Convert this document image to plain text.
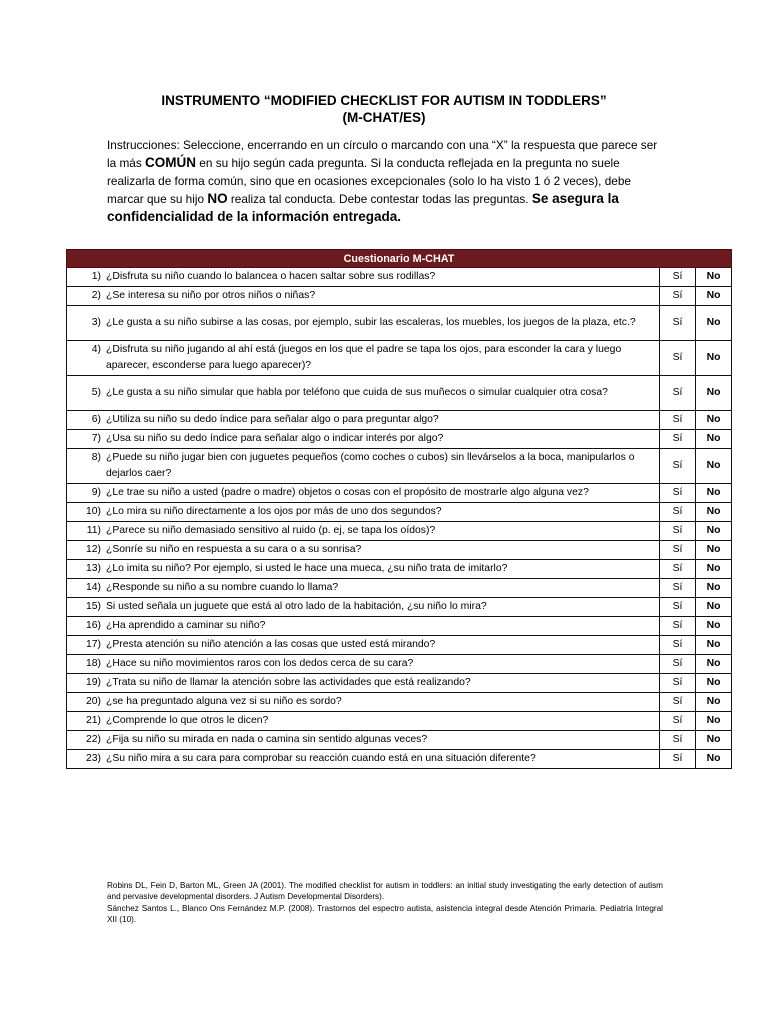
INSTRUMENTO “MODIFIED CHECKLIST FOR AUTISM IN TODDLERS”
(M-CHAT/ES)
Instrucciones: Seleccione, encerrando en un círculo o marcando con una “X” la respuesta que parece ser la más COMÚN en su hijo según cada pregunta. Si la conducta reflejada en la pregunta no suele realizarla de forma común, sino que en ocasiones excepcionales (solo lo ha visto 1 ó 2 veces), debe marcar que su hijo NO realiza tal conducta. Debe contestar todas las preguntas. Se asegura la confidencialidad de la información entregada.
Cuestionario M-CHAT		
1) ¿Disfruta su niño cuando lo balancea o hacen saltar sobre sus rodillas?	Sí	No
2) ¿Se interesa su niño por otros niños o niñas?	Sí	No
3) ¿Le gusta a su niño subirse a las cosas, por ejemplo, subir las escaleras, los muebles, los juegos de la plaza, etc.?	Sí	No
4) ¿Disfruta su niño jugando al ahí está (juegos en los que el padre se tapa los ojos, para esconder la cara y luego aparecer, esconderse para luego aparecer)?	Sí	No
5) ¿Le gusta a su niño simular que habla por teléfono que cuida de sus muñecos o simular cualquier otra cosa?	Sí	No
6) ¿Utiliza su niño su dedo índice para señalar algo o para preguntar algo?	Sí	No
7) ¿Usa su niño su dedo índice para señalar algo o indicar interés por algo?	Sí	No
8) ¿Puede su niño jugar bien con juguetes pequeños (como coches o cubos) sin llevárselos a la boca, manipularlos o dejarlos caer?	Sí	No
9) ¿Le trae su niño a usted (padre o madre) objetos o cosas con el propósito de mostrarle algo alguna vez?	Sí	No
10) ¿Lo mira su niño directamente a los ojos por más de uno dos segundos?	Sí	No
11) ¿Parece su niño demasiado sensitivo al ruido (p. ej, se tapa los oídos)?	Sí	No
12) ¿Sonríe su niño en respuesta a su cara o a su sonrisa?	Sí	No
13) ¿Lo imita su niño? Por ejemplo, si usted le hace una mueca, ¿su niño trata de imitarlo?	Sí	No
14) ¿Responde su niño a su nombre cuando lo llama?	Sí	No
15) Si usted señala un juguete que está al otro lado de la habitación, ¿su niño lo mira?	Sí	No
16) ¿Ha aprendido a caminar su niño?	Sí	No
17) ¿Presta atención su niño atención a las cosas que usted está mirando?	Sí	No
18) ¿Hace su niño movimientos raros con los dedos cerca de su cara?	Sí	No
19) ¿Trata su niño de llamar la atención sobre las actividades que está realizando?	Sí	No
20) ¿se ha preguntado alguna vez si su niño es sordo?	Sí	No
21) ¿Comprende lo que otros le dicen?	Sí	No
22) ¿Fija su niño su mirada en nada o camina sin sentido algunas veces?	Sí	No
23) ¿Su niño mira a su cara para comprobar su reacción cuando está en una situación diferente?	Sí	No

Robins DL, Fein D, Barton ML, Green JA (2001). The modified checklist for autism in toddlers: an initial study investigating the early detection of autism and pervasive developmental disorders. J Autism Developmental Disorders).

Sánchez Santos L., Blanco Ons Fernández M.P. (2008). Trastornos del espectro autista, asistencia integral desde Atención Primaria. Pediatría Integral XII (10).
